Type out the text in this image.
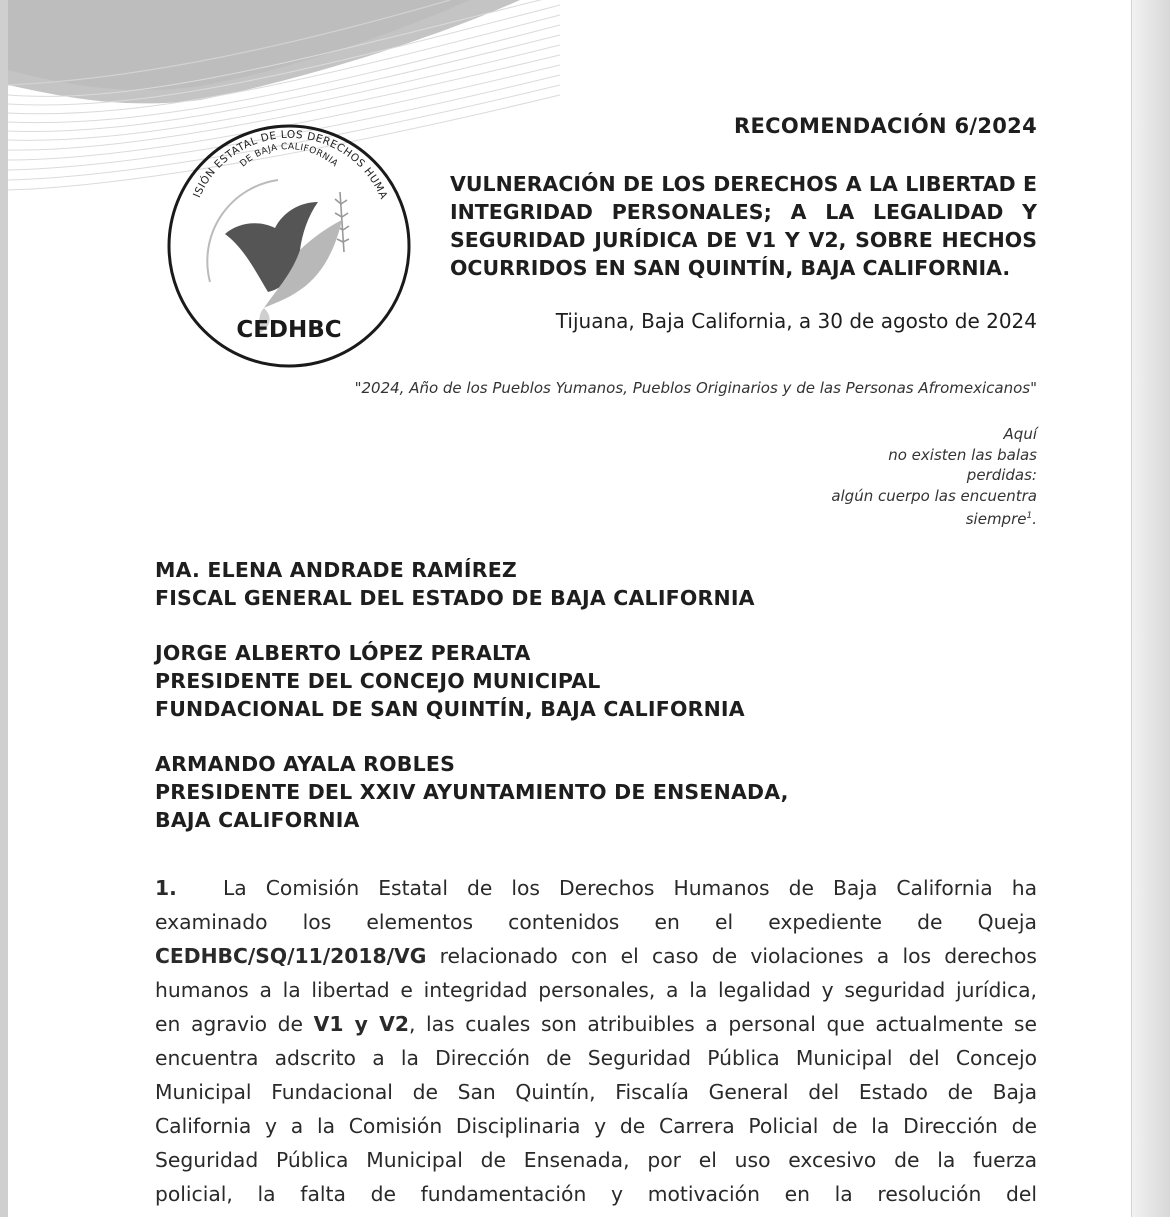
ISIÓN ESTATAL DE LOS DERECHOS HUMA
DE BAJA CALIFORNIA
CEDHBC
RECOMENDACIÓN 6/2024
VULNERACIÓN DE LOS DERECHOS A LA LIBERTAD E
INTEGRIDAD PERSONALES; A LA LEGALIDAD Y
SEGURIDAD JURÍDICA DE V1 Y V2, SOBRE HECHOS
OCURRIDOS EN SAN QUINTÍN, BAJA CALIFORNIA.
Tijuana, Baja California, a 30 de agosto de 2024
"2024, Año de los Pueblos Yumanos, Pueblos Originarios y de las Personas Afromexicanos"
Aquí
no existen las balas
perdidas:
algún cuerpo las encuentra
siempre$^1$.
MA. ELENA ANDRADE RAMÍREZ
FISCAL GENERAL DEL ESTADO DE BAJA CALIFORNIA
JORGE ALBERTO LÓPEZ PERALTA
PRESIDENTE DEL CONCEJO MUNICIPAL
FUNDACIONAL DE SAN QUINTÍN, BAJA CALIFORNIA
ARMANDO AYALA ROBLES
PRESIDENTE DEL XXIV AYUNTAMIENTO DE ENSENADA,
BAJA CALIFORNIA
1. La Comisión Estatal de los Derechos Humanos de Baja California ha
examinado los elementos contenidos en el expediente de Queja
CEDHBC/SQ/11/2018/VG relacionado con el caso de violaciones a los derechos
humanos a la libertad e integridad personales, a la legalidad y seguridad jurídica,
en agravio de V1 y V2, las cuales son atribuibles a personal que actualmente se
encuentra adscrito a la Dirección de Seguridad Pública Municipal del Concejo
Municipal Fundacional de San Quintín, Fiscalía General del Estado de Baja
California y a la Comisión Disciplinaria y de Carrera Policial de la Dirección de
Seguridad Pública Municipal de Ensenada, por el uso excesivo de la fuerza
policial, la falta de fundamentación y motivación en la resolución del
